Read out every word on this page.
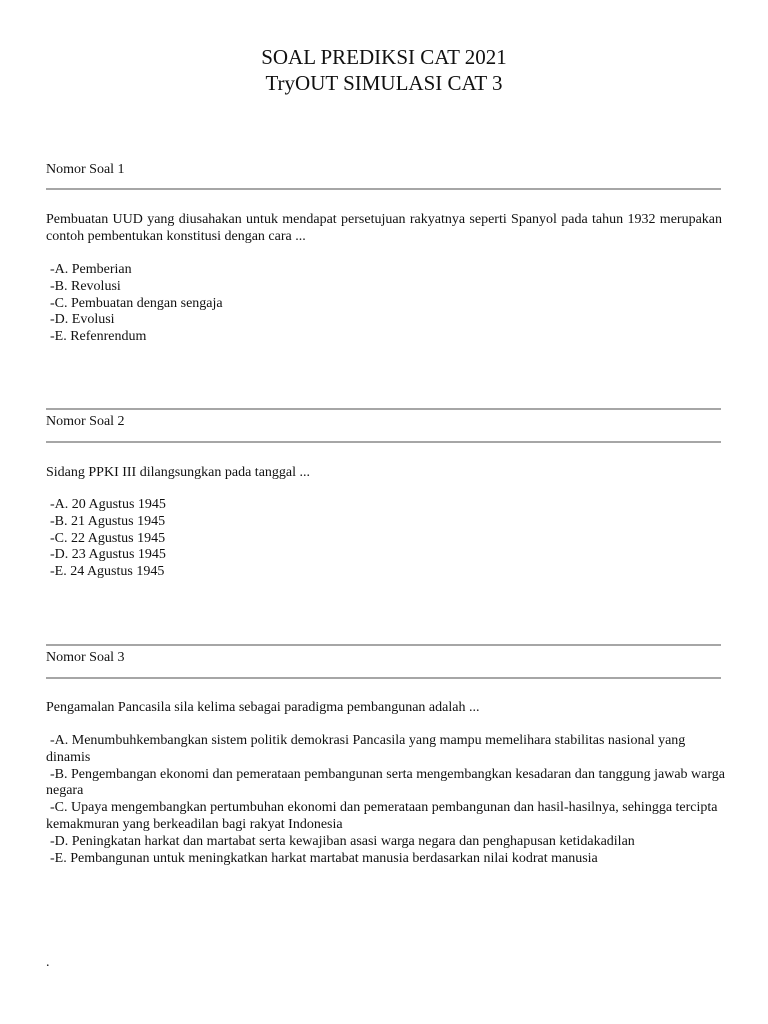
SOAL PREDIKSI CAT 2021
TryOUT SIMULASI CAT 3
Nomor Soal 1
Pembuatan UUD yang diusahakan untuk mendapat persetujuan rakyatnya seperti Spanyol pada tahun 1932 merupakan contoh pembentukan konstitusi dengan cara ...
-A. Pemberian
-B. Revolusi
-C. Pembuatan dengan sengaja
-D. Evolusi
-E. Refenrendum
Nomor Soal 2
Sidang PPKI III dilangsungkan pada tanggal ...
-A. 20 Agustus 1945
-B. 21 Agustus 1945
-C. 22 Agustus 1945
-D. 23 Agustus 1945
-E. 24 Agustus 1945
Nomor Soal 3
Pengamalan Pancasila sila kelima sebagai paradigma pembangunan adalah ...
-A. Menumbuhkembangkan sistem politik demokrasi Pancasila yang mampu memelihara stabilitas nasional yang dinamis
-B. Pengembangan ekonomi dan pemerataan pembangunan serta mengembangkan kesadaran dan tanggung jawab warga negara
-C. Upaya mengembangkan pertumbuhan ekonomi dan pemerataan pembangunan dan hasil-hasilnya, sehingga tercipta kemakmuran yang berkeadilan bagi rakyat Indonesia
-D. Peningkatan harkat dan martabat serta kewajiban asasi warga negara dan penghapusan ketidakadilan
-E. Pembangunan untuk meningkatkan harkat martabat manusia berdasarkan nilai kodrat manusia
.
